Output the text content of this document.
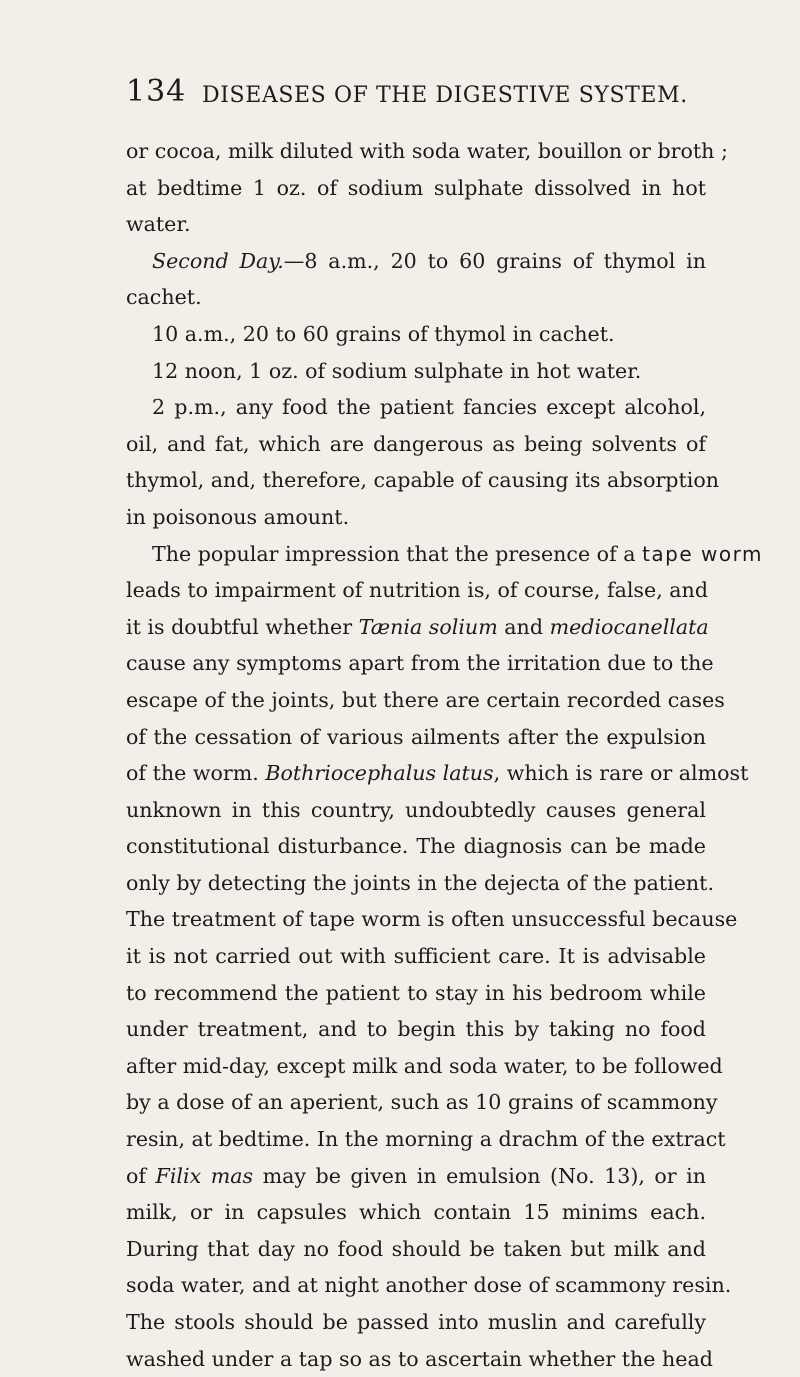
134 DISEASES OF THE DIGESTIVE SYSTEM.
or cocoa, milk diluted with soda water, bouillon or broth ;
at bedtime 1 oz. of sodium sulphate dissolved in hot
water.
Second Day.—8 a.m., 20 to 60 grains of thymol in
cachet.
10 a.m., 20 to 60 grains of thymol in cachet.
12 noon, 1 oz. of sodium sulphate in hot water.
2 p.m., any food the patient fancies except alcohol,
oil, and fat, which are dangerous as being solvents of
thymol, and, therefore, capable of causing its absorption
in poisonous amount.
The popular impression that the presence of a tape worm
leads to impairment of nutrition is, of course, false, and
it is doubtful whether Tænia solium and mediocanellata
cause any symptoms apart from the irritation due to the
escape of the joints, but there are certain recorded cases
of the cessation of various ailments after the expulsion
of the worm. Bothriocephalus latus, which is rare or almost
unknown in this country, undoubtedly causes general
constitutional disturbance. The diagnosis can be made
only by detecting the joints in the dejecta of the patient.
The treatment of tape worm is often unsuccessful because
it is not carried out with sufficient care. It is advisable
to recommend the patient to stay in his bedroom while
under treatment, and to begin this by taking no food
after mid-day, except milk and soda water, to be followed
by a dose of an aperient, such as 10 grains of scammony
resin, at bedtime. In the morning a drachm of the extract
of Filix mas may be given in emulsion (No. 13), or in
milk, or in capsules which contain 15 minims each.
During that day no food should be taken but milk and
soda water, and at night another dose of scammony resin.
The stools should be passed into muslin and carefully
washed under a tap so as to ascertain whether the head
